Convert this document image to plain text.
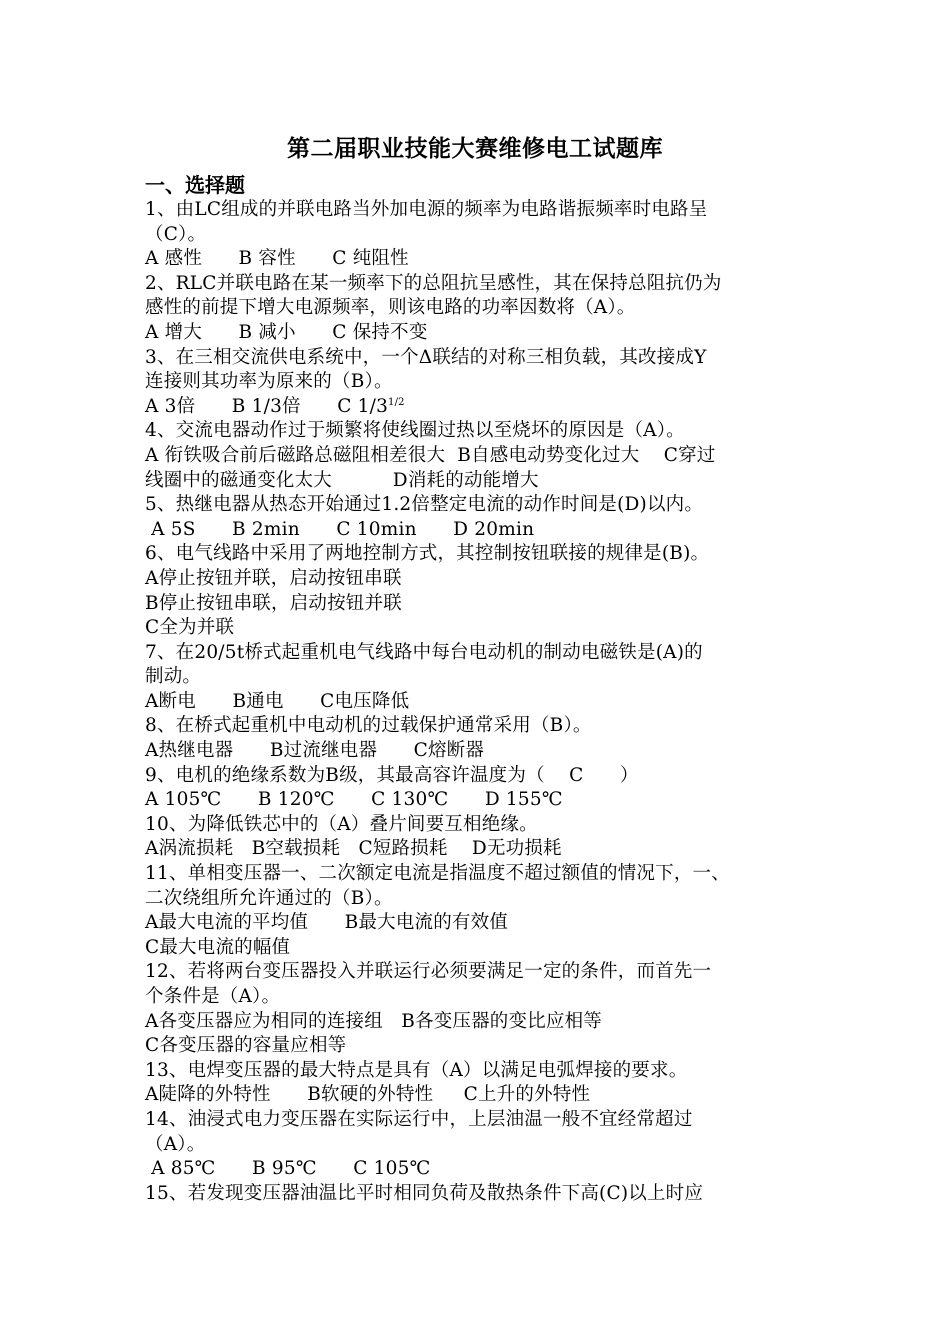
第二届职业技能大赛维修电工试题库
一、选择题
1、由LC组成的并联电路当外加电源的频率为电路谐振频率时电路呈
（C）。
A 感性      B 容性      C 纯阻性
2、RLC并联电路在某一频率下的总阻抗呈感性，其在保持总阻抗仍为
感性的前提下增大电源频率，则该电路的功率因数将（A）。
A 增大      B 减小      C 保持不变
3、在三相交流供电系统中，一个Δ联结的对称三相负载，其改接成Y
连接则其功率为原来的（B）。
A 3倍      B 1/3倍      C $1/3^{1/2}$
4、交流电器动作过于频繁将使线圈过热以至烧坏的原因是（A）。
A 衔铁吸合前后磁路总磁阻相差很大  B自感电动势变化过大    C穿过
线圈中的磁通变化太大          D消耗的动能增大
5、热继电器从热态开始通过1.2倍整定电流的动作时间是(D)以内。
A 5S      B 2min      C 10min      D 20min
6、电气线路中采用了两地控制方式，其控制按钮联接的规律是(B)。
A停止按钮并联，启动按钮串联
B停止按钮串联，启动按钮并联
C全为并联
7、在20/5t桥式起重机电气线路中每台电动机的制动电磁铁是(A)的
制动。
A断电      B通电      C电压降低
8、在桥式起重机中电动机的过载保护通常采用（B）。
A热继电器      B过流继电器      C熔断器
9、电机的绝缘系数为B级，其最高容许温度为（    C      ）
A 105℃      B 120℃      C 130℃      D 155℃
10、为降低铁芯中的（A）叠片间要互相绝缘。
A涡流损耗   B空载损耗   C短路损耗    D无功损耗
11、单相变压器一、二次额定电流是指温度不超过额值的情况下，一、
二次绕组所允许通过的（B）。
A最大电流的平均值      B最大电流的有效值
C最大电流的幅值
12、若将两台变压器投入并联运行必须要满足一定的条件，而首先一
个条件是（A）。
A各变压器应为相同的连接组   B各变压器的变比应相等
C各变压器的容量应相等
13、电焊变压器的最大特点是具有（A）以满足电弧焊接的要求。
A陡降的外特性      B软硬的外特性     C上升的外特性
14、油浸式电力变压器在实际运行中，上层油温一般不宜经常超过
（A）。
A 85℃      B 95℃      C 105℃
15、若发现变压器油温比平时相同负荷及散热条件下高(C)以上时应
